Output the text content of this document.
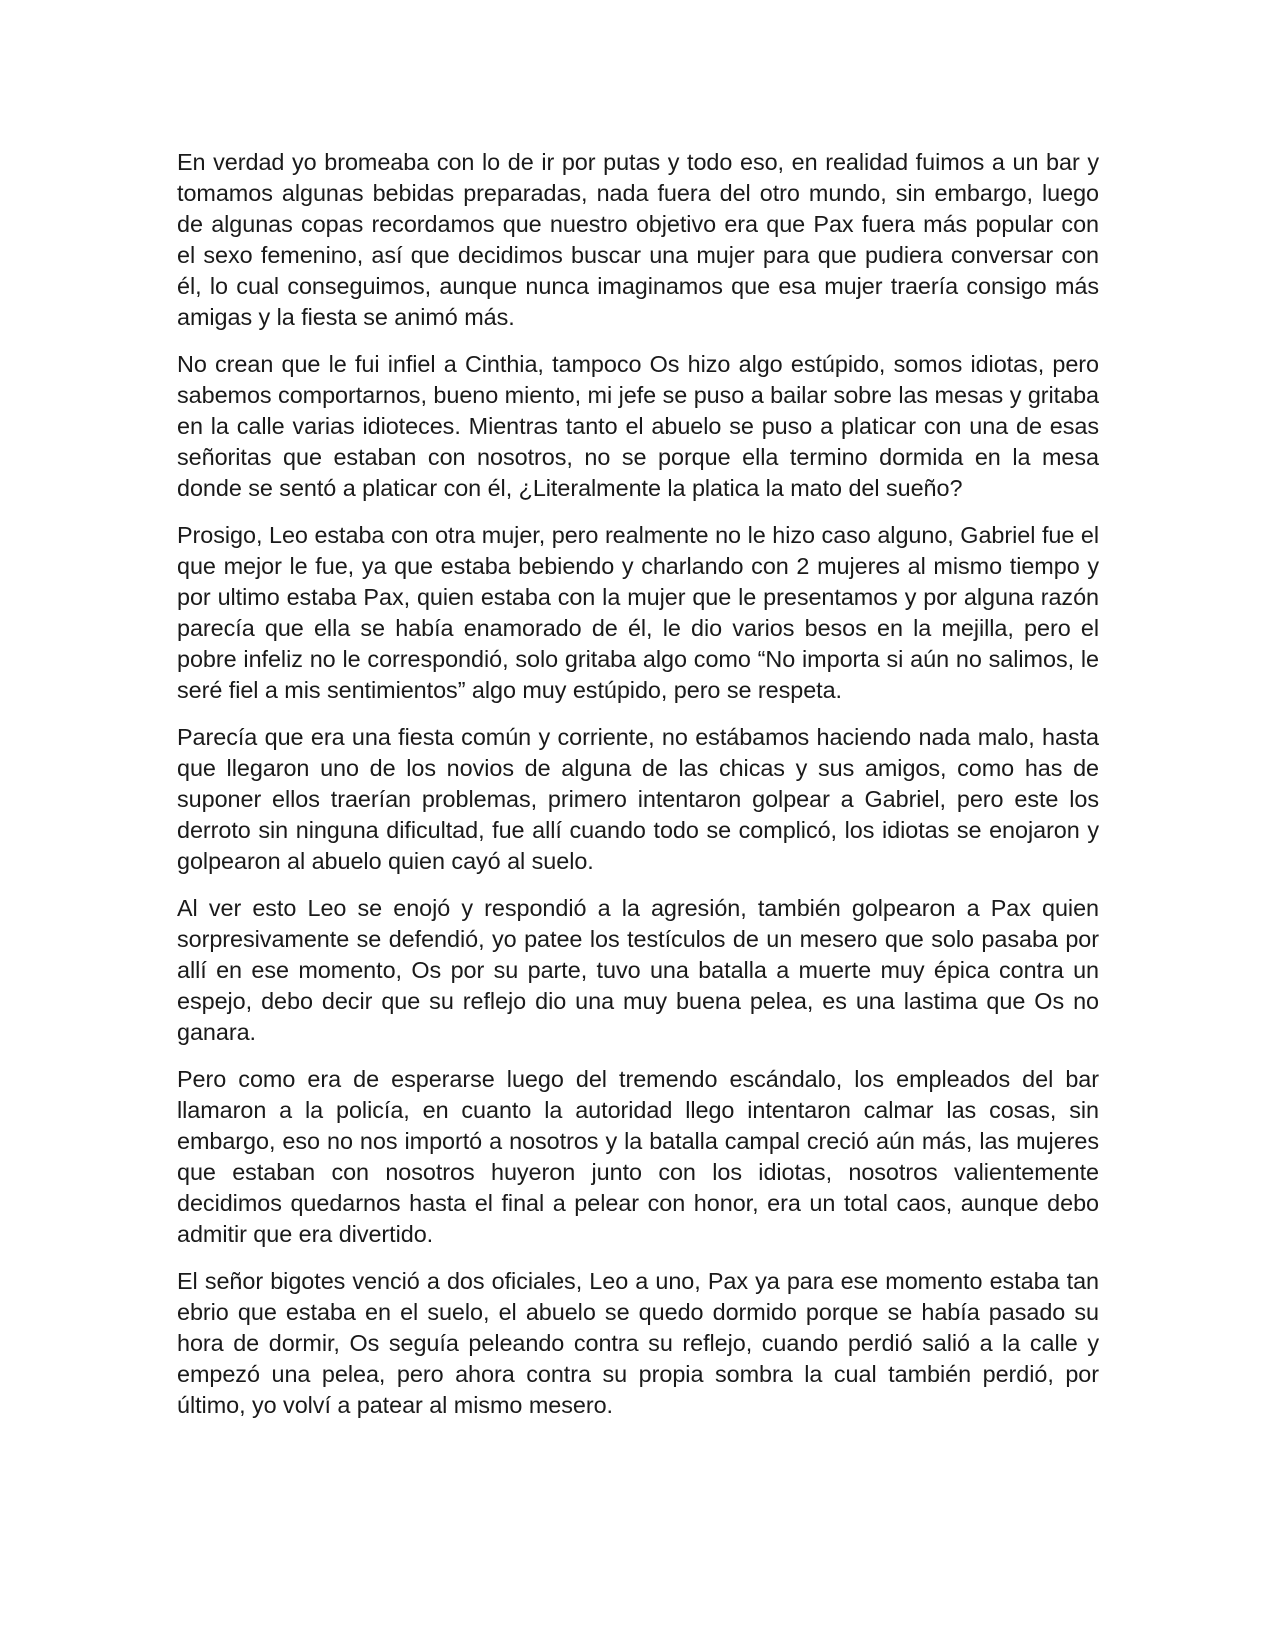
En verdad yo bromeaba con lo de ir por putas y todo eso, en realidad fuimos a un bar y tomamos algunas bebidas preparadas, nada fuera del otro mundo, sin embargo, luego de algunas copas recordamos que nuestro objetivo era que Pax fuera más popular con el sexo femenino, así que decidimos buscar una mujer para que pudiera conversar con él, lo cual conseguimos, aunque nunca imaginamos que esa mujer traería consigo más amigas y la fiesta se animó más.

No crean que le fui infiel a Cinthia, tampoco Os hizo algo estúpido, somos idiotas, pero sabemos comportarnos, bueno miento, mi jefe se puso a bailar sobre las mesas y gritaba en la calle varias idioteces. Mientras tanto el abuelo se puso a platicar con una de esas señoritas que estaban con nosotros, no se porque ella termino dormida en la mesa donde se sentó a platicar con él, ¿Literalmente la platica la mato del sueño?

Prosigo, Leo estaba con otra mujer, pero realmente no le hizo caso alguno, Gabriel fue el que mejor le fue, ya que estaba bebiendo y charlando con 2 mujeres al mismo tiempo y por ultimo estaba Pax, quien estaba con la mujer que le presentamos y por alguna razón parecía que ella se había enamorado de él, le dio varios besos en la mejilla, pero el pobre infeliz no le correspondió, solo gritaba algo como “No importa si aún no salimos, le seré fiel a mis sentimientos” algo muy estúpido, pero se respeta.

Parecía que era una fiesta común y corriente, no estábamos haciendo nada malo, hasta que llegaron uno de los novios de alguna de las chicas y sus amigos, como has de suponer ellos traerían problemas, primero intentaron golpear a Gabriel, pero este los derroto sin ninguna dificultad, fue allí cuando todo se complicó, los idiotas se enojaron y golpearon al abuelo quien cayó al suelo.

Al ver esto Leo se enojó y respondió a la agresión, también golpearon a Pax quien sorpresivamente se defendió, yo patee los testículos de un mesero que solo pasaba por allí en ese momento, Os por su parte, tuvo una batalla a muerte muy épica contra un espejo, debo decir que su reflejo dio una muy buena pelea, es una lastima que Os no ganara.

Pero como era de esperarse luego del tremendo escándalo, los empleados del bar llamaron a la policía, en cuanto la autoridad llego intentaron calmar las cosas, sin embargo, eso no nos importó a nosotros y la batalla campal creció aún más, las mujeres que estaban con nosotros huyeron junto con los idiotas, nosotros valientemente decidimos quedarnos hasta el final a pelear con honor, era un total caos, aunque debo admitir que era divertido.

El señor bigotes venció a dos oficiales, Leo a uno, Pax ya para ese momento estaba tan ebrio que estaba en el suelo, el abuelo se quedo dormido porque se había pasado su hora de dormir, Os seguía peleando contra su reflejo, cuando perdió salió a la calle y empezó una pelea, pero ahora contra su propia sombra la cual también perdió, por último, yo volví a patear al mismo mesero.
